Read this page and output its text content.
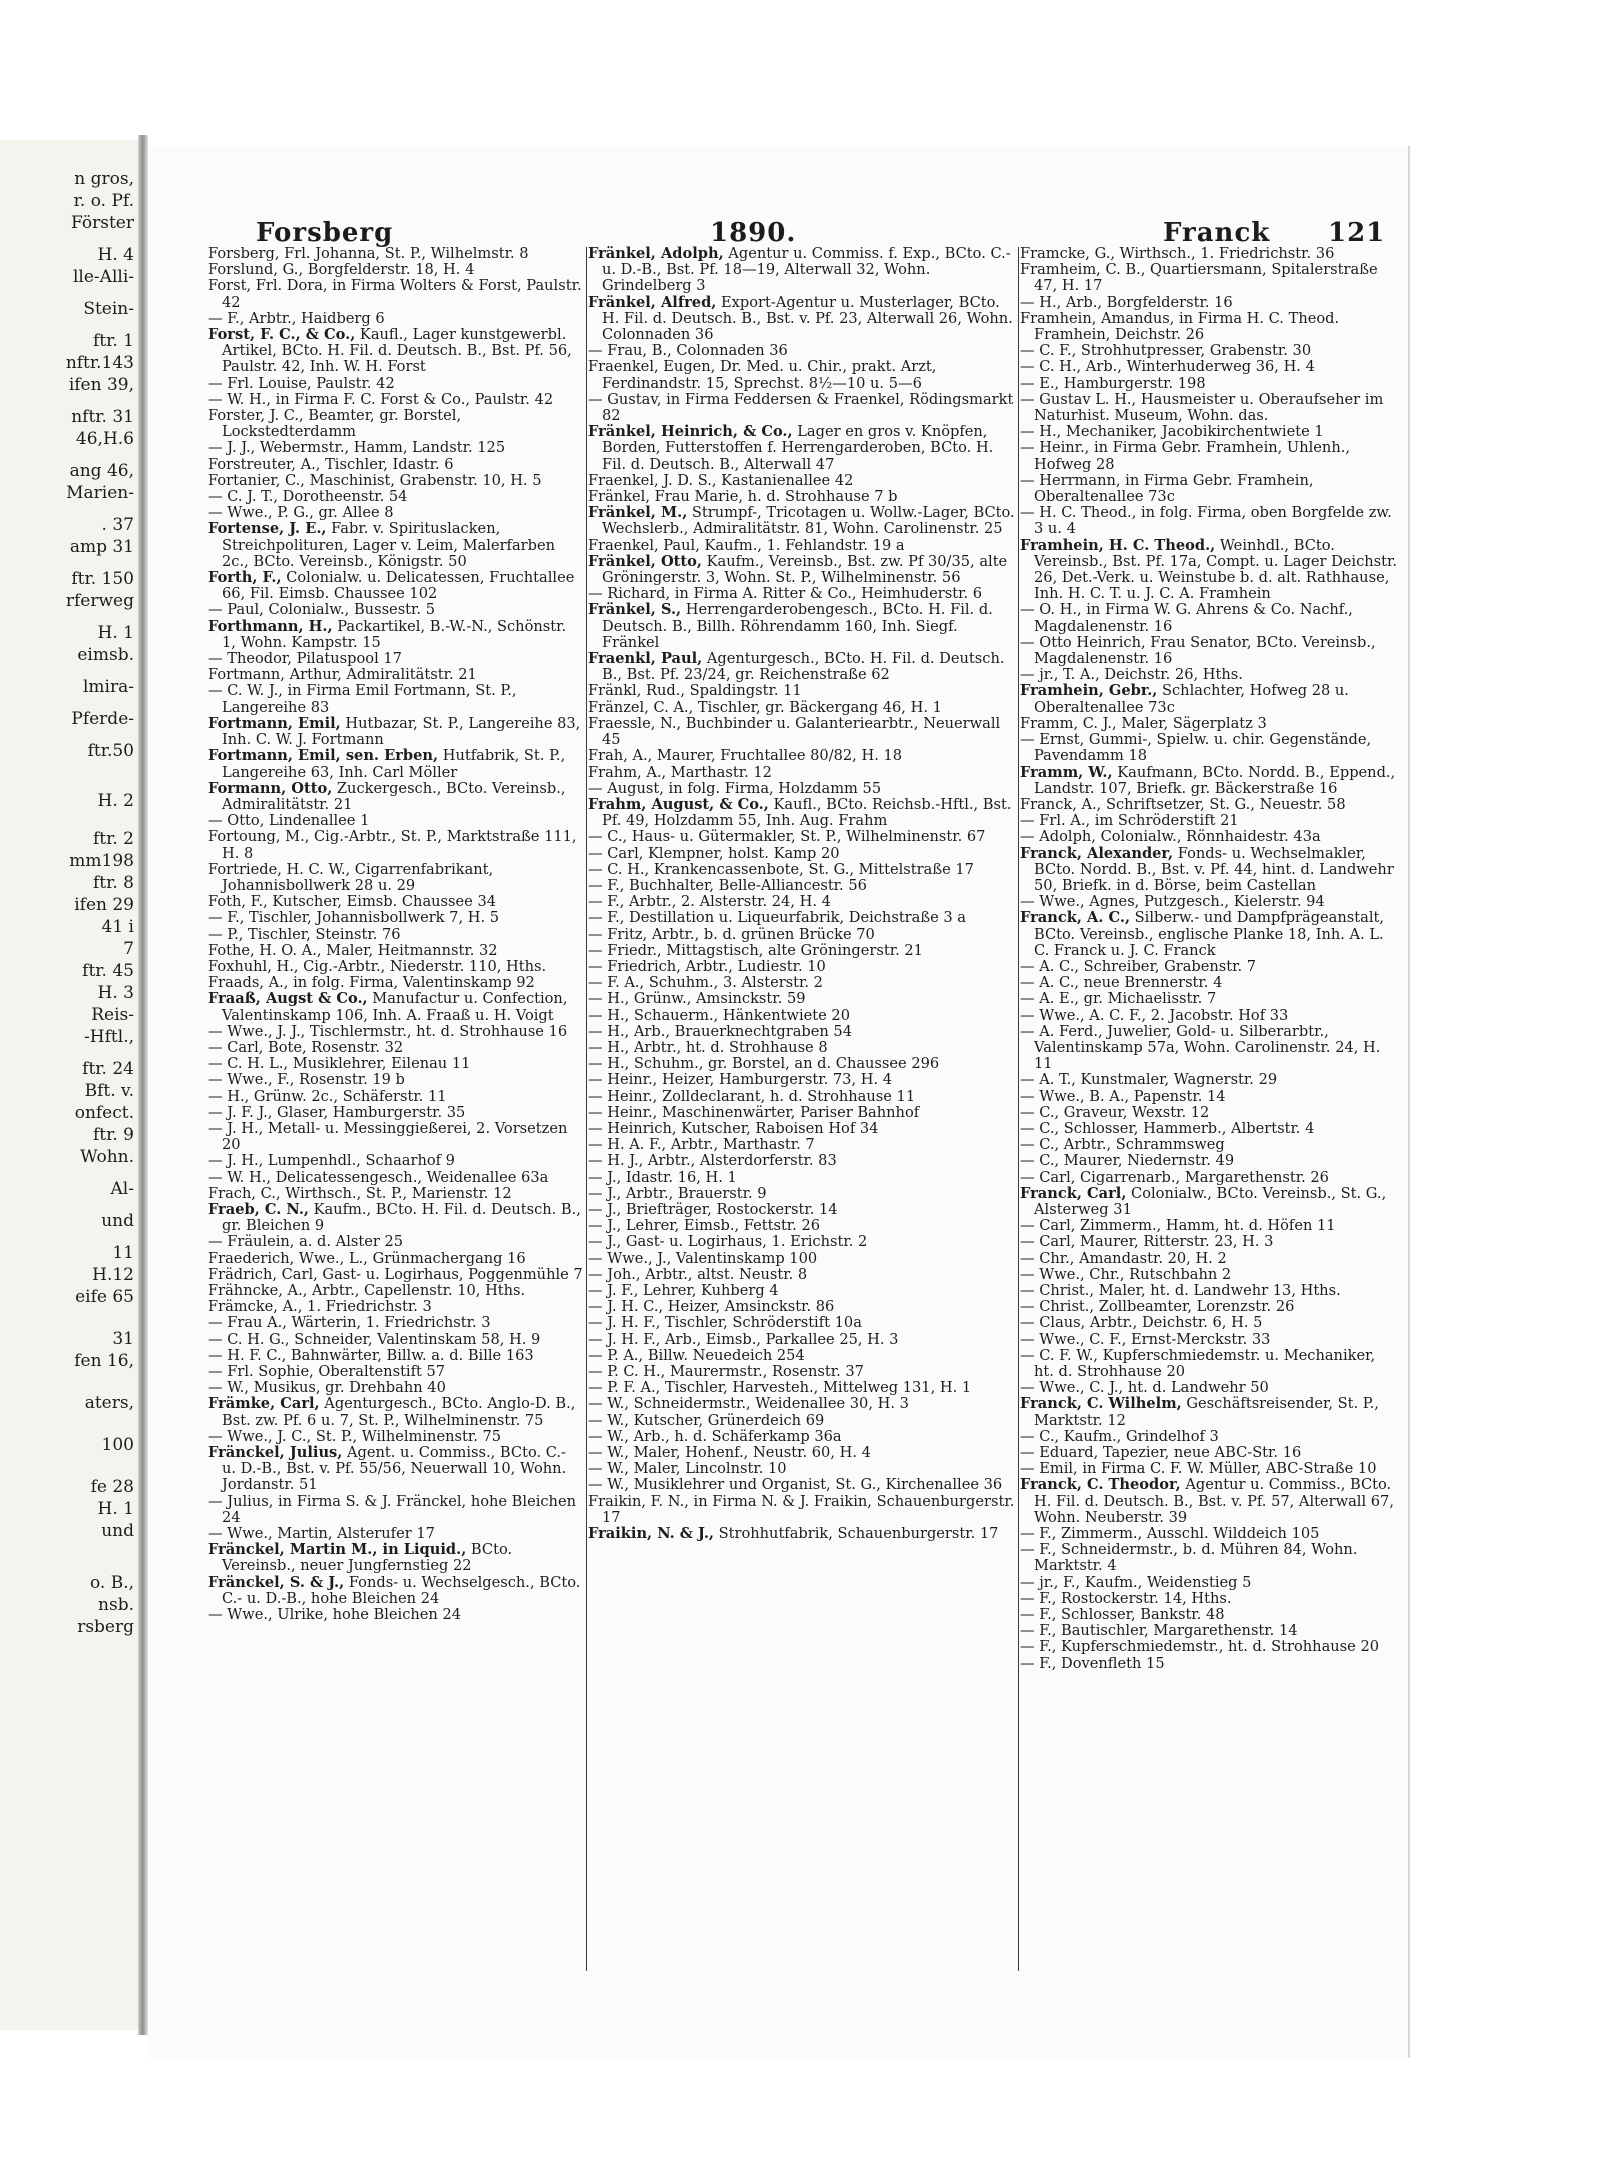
n gros,
r. o. Pf.
Förster
H. 4
lle-Alli-
Stein-
ftr. 1
nftr.143
ifen 39,
nftr. 31
46,H.6
ang 46,
Marien-
. 37
amp 31
ftr. 150
rferweg
H. 1
eimsb.
lmira-
Pferde-
ftr.50
H. 2
ftr. 2
mm198
ftr. 8
ifen 29
41 i
7
ftr. 45
H. 3
Reis-
-Hftl.,
ftr. 24
Bft. v.
onfect.
ftr. 9
Wohn.
Al-
und
11
H.12
eife 65
31
fen 16,
aters,
100
fe 28
H. 1
und
o. B.,
nsb.
rsberg
Forsberg	1890.	Franck 121

Forsberg, Frl. Johanna, St. P., Wilhelmstr. 8

Forslund, G., Borgfelderstr. 18, H. 4

Forst, Frl. Dora, in Firma Wolters & Forst, Paulstr. 42

— F., Arbtr., Haidberg 6

Forst, F. C., & Co., Kaufl., Lager kunstgewerbl. Artikel, BCto. H. Fil. d. Deutsch. B., Bst. Pf. 56, Paulstr. 42, Inh. W. H. Forst

— Frl. Louise, Paulstr. 42

— W. H., in Firma F. C. Forst & Co., Paulstr. 42

Forster, J. C., Beamter, gr. Borstel, Lockstedterdamm

— J. J., Webermstr., Hamm, Landstr. 125

Forstreuter, A., Tischler, Idastr. 6

Fortanier, C., Maschinist, Grabenstr. 10, H. 5

— C. J. T., Dorotheenstr. 54

— Wwe., P. G., gr. Allee 8

Fortense, J. E., Fabr. v. Spirituslacken, Streichpolituren, Lager v. Leim, Malerfarben 2c., BCto. Vereinsb., Königstr. 50

Forth, F., Colonialw. u. Delicatessen, Fruchtallee 66, Fil. Eimsb. Chaussee 102

— Paul, Colonialw., Bussestr. 5

Forthmann, H., Packartikel, B.-W.-N., Schönstr. 1, Wohn. Kampstr. 15

— Theodor, Pilatuspool 17

Fortmann, Arthur, Admiralitätstr. 21

— C. W. J., in Firma Emil Fortmann, St. P., Langereihe 83

Fortmann, Emil, Hutbazar, St. P., Langereihe 83, Inh. C. W. J. Fortmann

Fortmann, Emil, sen. Erben, Hutfabrik, St. P., Langereihe 63, Inh. Carl Möller

Formann, Otto, Zuckergesch., BCto. Vereinsb., Admiralitätstr. 21

— Otto, Lindenallee 1

Fortoung, M., Cig.-Arbtr., St. P., Marktstraße 111, H. 8

Fortriede, H. C. W., Cigarrenfabrikant, Johannisbollwerk 28 u. 29

Foth, F., Kutscher, Eimsb. Chaussee 34

— F., Tischler, Johannisbollwerk 7, H. 5

— P., Tischler, Steinstr. 76

Fothe, H. O. A., Maler, Heitmannstr. 32

Foxhuhl, H., Cig.-Arbtr., Niederstr. 110, Hths.

Fraads, A., in folg. Firma, Valentinskamp 92

Fraaß, Augst & Co., Manufactur u. Confection, Valentinskamp 106, Inh. A. Fraaß u. H. Voigt

— Wwe., J. J., Tischlermstr., ht. d. Strohhause 16

— Carl, Bote, Rosenstr. 32

— C. H. L., Musiklehrer, Eilenau 11

— Wwe., F., Rosenstr. 19 b

— H., Grünw. 2c., Schäferstr. 11

— J. F. J., Glaser, Hamburgerstr. 35

— J. H., Metall- u. Messinggießerei, 2. Vorsetzen 20

— J. H., Lumpenhdl., Schaarhof 9

— W. H., Delicatessengesch., Weidenallee 63a

Frach, C., Wirthsch., St. P., Marienstr. 12

Fraeb, C. N., Kaufm., BCto. H. Fil. d. Deutsch. B., gr. Bleichen 9

— Fräulein, a. d. Alster 25

Fraederich, Wwe., L., Grünmachergang 16

Frädrich, Carl, Gast- u. Logirhaus, Poggenmühle 7

Frähncke, A., Arbtr., Capellenstr. 10, Hths.

Främcke, A., 1. Friedrichstr. 3

— Frau A., Wärterin, 1. Friedrichstr. 3

— C. H. G., Schneider, Valentinskam 58, H. 9

— H. F. C., Bahnwärter, Billw. a. d. Bille 163

— Frl. Sophie, Oberaltenstift 57

— W., Musikus, gr. Drehbahn 40

Främke, Carl, Agenturgesch., BCto. Anglo-D. B., Bst. zw. Pf. 6 u. 7, St. P., Wilhelminenstr. 75

— Wwe., J. C., St. P., Wilhelminenstr. 75

Fränckel, Julius, Agent. u. Commiss., BCto. C.- u. D.-B., Bst. v. Pf. 55/56, Neuerwall 10, Wohn. Jordanstr. 51

— Julius, in Firma S. & J. Fränckel, hohe Bleichen 24

— Wwe., Martin, Alsterufer 17

Fränckel, Martin M., in Liquid., BCto. Vereinsb., neuer Jungfernstieg 22

Fränckel, S. & J., Fonds- u. Wechselgesch., BCto. C.- u. D.-B., hohe Bleichen 24

— Wwe., Ulrike, hohe Bleichen 24

Fränkel, Adolph, Agentur u. Commiss. f. Exp., BCto. C.- u. D.-B., Bst. Pf. 18—19, Alterwall 32, Wohn. Grindelberg 3

Fränkel, Alfred, Export-Agentur u. Musterlager, BCto. H. Fil. d. Deutsch. B., Bst. v. Pf. 23, Alterwall 26, Wohn. Colonnaden 36

— Frau, B., Colonnaden 36

Fraenkel, Eugen, Dr. Med. u. Chir., prakt. Arzt, Ferdinandstr. 15, Sprechst. 8½—10 u. 5—6

— Gustav, in Firma Feddersen & Fraenkel, Rödingsmarkt 82

Fränkel, Heinrich, & Co., Lager en gros v. Knöpfen, Borden, Futterstoffen f. Herrengarderoben, BCto. H. Fil. d. Deutsch. B., Alterwall 47

Fraenkel, J. D. S., Kastanienallee 42

Fränkel, Frau Marie, h. d. Strohhause 7 b

Fränkel, M., Strumpf-, Tricotagen u. Wollw.-Lager, BCto. Wechslerb., Admiralitätstr. 81, Wohn. Carolinenstr. 25

Fraenkel, Paul, Kaufm., 1. Fehlandstr. 19 a

Fränkel, Otto, Kaufm., Vereinsb., Bst. zw. Pf 30/35, alte Gröningerstr. 3, Wohn. St. P., Wilhelminenstr. 56

— Richard, in Firma A. Ritter & Co., Heimhuderstr. 6

Fränkel, S., Herrengarderobengesch., BCto. H. Fil. d. Deutsch. B., Billh. Röhrendamm 160, Inh. Siegf. Fränkel

Fraenkl, Paul, Agenturgesch., BCto. H. Fil. d. Deutsch. B., Bst. Pf. 23/24, gr. Reichenstraße 62

Fränkl, Rud., Spaldingstr. 11

Fränzel, C. A., Tischler, gr. Bäckergang 46, H. 1

Fraessle, N., Buchbinder u. Galanteriearbtr., Neuerwall 45

Frah, A., Maurer, Fruchtallee 80/82, H. 18

Frahm, A., Marthastr. 12

— August, in folg. Firma, Holzdamm 55

Frahm, August, & Co., Kaufl., BCto. Reichsb.-Hftl., Bst. Pf. 49, Holzdamm 55, Inh. Aug. Frahm

— C., Haus- u. Gütermakler, St. P., Wilhelminenstr. 67

— Carl, Klempner, holst. Kamp 20

— C. H., Krankencassenbote, St. G., Mittelstraße 17

— F., Buchhalter, Belle-Alliancestr. 56

— F., Arbtr., 2. Alsterstr. 24, H. 4

— F., Destillation u. Liqueurfabrik, Deichstraße 3 a

— Fritz, Arbtr., b. d. grünen Brücke 70

— Friedr., Mittagstisch, alte Gröningerstr. 21

— Friedrich, Arbtr., Ludiestr. 10

— F. A., Schuhm., 3. Alsterstr. 2

— H., Grünw., Amsinckstr. 59

— H., Schauerm., Hänkentwiete 20

— H., Arb., Brauerknechtgraben 54

— H., Arbtr., ht. d. Strohhause 8

— H., Schuhm., gr. Borstel, an d. Chaussee 296

— Heinr., Heizer, Hamburgerstr. 73, H. 4

— Heinr., Zolldeclarant, h. d. Strohhause 11

— Heinr., Maschinenwärter, Pariser Bahnhof

— Heinrich, Kutscher, Raboisen Hof 34

— H. A. F., Arbtr., Marthastr. 7

— H. J., Arbtr., Alsterdorferstr. 83

— J., Idastr. 16, H. 1

— J., Arbtr., Brauerstr. 9

— J., Briefträger, Rostockerstr. 14

— J., Lehrer, Eimsb., Fettstr. 26

— J., Gast- u. Logirhaus, 1. Erichstr. 2

— Wwe., J., Valentinskamp 100

— Joh., Arbtr., altst. Neustr. 8

— J. F., Lehrer, Kuhberg 4

— J. H. C., Heizer, Amsinckstr. 86

— J. H. F., Tischler, Schröderstift 10a

— J. H. F., Arb., Eimsb., Parkallee 25, H. 3

— P. A., Billw. Neuedeich 254

— P. C. H., Maurermstr., Rosenstr. 37

— P. F. A., Tischler, Harvesteh., Mittelweg 131, H. 1

— W., Schneidermstr., Weidenallee 30, H. 3

— W., Kutscher, Grünerdeich 69

— W., Arb., h. d. Schäferkamp 36a

— W., Maler, Hohenf., Neustr. 60, H. 4

— W., Maler, Lincolnstr. 10

— W., Musiklehrer und Organist, St. G., Kirchenallee 36

Fraikin, F. N., in Firma N. & J. Fraikin, Schauenburgerstr. 17

Fraikin, N. & J., Strohhutfabrik, Schauenburgerstr. 17

Framcke, G., Wirthsch., 1. Friedrichstr. 36

Framheim, C. B., Quartiersmann, Spitalerstraße 47, H. 17

— H., Arb., Borgfelderstr. 16

Framhein, Amandus, in Firma H. C. Theod. Framhein, Deichstr. 26

— C. F., Strohhutpresser, Grabenstr. 30

— C. H., Arb., Winterhuderweg 36, H. 4

— E., Hamburgerstr. 198

— Gustav L. H., Hausmeister u. Oberaufseher im Naturhist. Museum, Wohn. das.

— H., Mechaniker, Jacobikirchentwiete 1

— Heinr., in Firma Gebr. Framhein, Uhlenh., Hofweg 28

— Herrmann, in Firma Gebr. Framhein, Oberaltenallee 73c

— H. C. Theod., in folg. Firma, oben Borgfelde zw. 3 u. 4

Framhein, H. C. Theod., Weinhdl., BCto. Vereinsb., Bst. Pf. 17a, Compt. u. Lager Deichstr. 26, Det.-Verk. u. Weinstube b. d. alt. Rathhause, Inh. H. C. T. u. J. C. A. Framhein

— O. H., in Firma W. G. Ahrens & Co. Nachf., Magdalenenstr. 16

— Otto Heinrich, Frau Senator, BCto. Vereinsb., Magdalenenstr. 16

— jr., T. A., Deichstr. 26, Hths.

Framhein, Gebr., Schlachter, Hofweg 28 u. Oberaltenallee 73c

Framm, C. J., Maler, Sägerplatz 3

— Ernst, Gummi-, Spielw. u. chir. Gegenstände, Pavendamm 18

Framm, W., Kaufmann, BCto. Nordd. B., Eppend., Landstr. 107, Briefk. gr. Bäckerstraße 16

Franck, A., Schriftsetzer, St. G., Neuestr. 58

— Frl. A., im Schröderstift 21

— Adolph, Colonialw., Rönnhaidestr. 43a

Franck, Alexander, Fonds- u. Wechselmakler, BCto. Nordd. B., Bst. v. Pf. 44, hint. d. Landwehr 50, Briefk. in d. Börse, beim Castellan

— Wwe., Agnes, Putzgesch., Kielerstr. 94

Franck, A. C., Silberw.- und Dampfprägeanstalt, BCto. Vereinsb., englische Planke 18, Inh. A. L. C. Franck u. J. C. Franck

— A. C., Schreiber, Grabenstr. 7

— A. C., neue Brennerstr. 4

— A. E., gr. Michaelisstr. 7

— Wwe., A. C. F., 2. Jacobstr. Hof 33

— A. Ferd., Juwelier, Gold- u. Silberarbtr., Valentinskamp 57a, Wohn. Carolinenstr. 24, H. 11

— A. T., Kunstmaler, Wagnerstr. 29

— Wwe., B. A., Papenstr. 14

— C., Graveur, Wexstr. 12

— C., Schlosser, Hammerb., Albertstr. 4

— C., Arbtr., Schrammsweg

— C., Maurer, Niedernstr. 49

— Carl, Cigarrenarb., Margarethenstr. 26

Franck, Carl, Colonialw., BCto. Vereinsb., St. G., Alsterweg 31

— Carl, Zimmerm., Hamm, ht. d. Höfen 11

— Carl, Maurer, Ritterstr. 23, H. 3

— Chr., Amandastr. 20, H. 2

— Wwe., Chr., Rutschbahn 2

— Christ., Maler, ht. d. Landwehr 13, Hths.

— Christ., Zollbeamter, Lorenzstr. 26

— Claus, Arbtr., Deichstr. 6, H. 5

— Wwe., C. F., Ernst-Merckstr. 33

— C. F. W., Kupferschmiedemstr. u. Mechaniker, ht. d. Strohhause 20

— Wwe., C. J., ht. d. Landwehr 50

Franck, C. Wilhelm, Geschäftsreisender, St. P., Marktstr. 12

— C., Kaufm., Grindelhof 3

— Eduard, Tapezier, neue ABC-Str. 16

— Emil, in Firma C. F. W. Müller, ABC-Straße 10

Franck, C. Theodor, Agentur u. Commiss., BCto. H. Fil. d. Deutsch. B., Bst. v. Pf. 57, Alterwall 67, Wohn. Neuberstr. 39

— F., Zimmerm., Ausschl. Wilddeich 105

— F., Schneidermstr., b. d. Mühren 84, Wohn. Marktstr. 4

— jr., F., Kaufm., Weidenstieg 5

— F., Rostockerstr. 14, Hths.

— F., Schlosser, Bankstr. 48

— F., Bautischler, Margarethenstr. 14

— F., Kupferschmiedemstr., ht. d. Strohhause 20

— F., Dovenfleth 15
